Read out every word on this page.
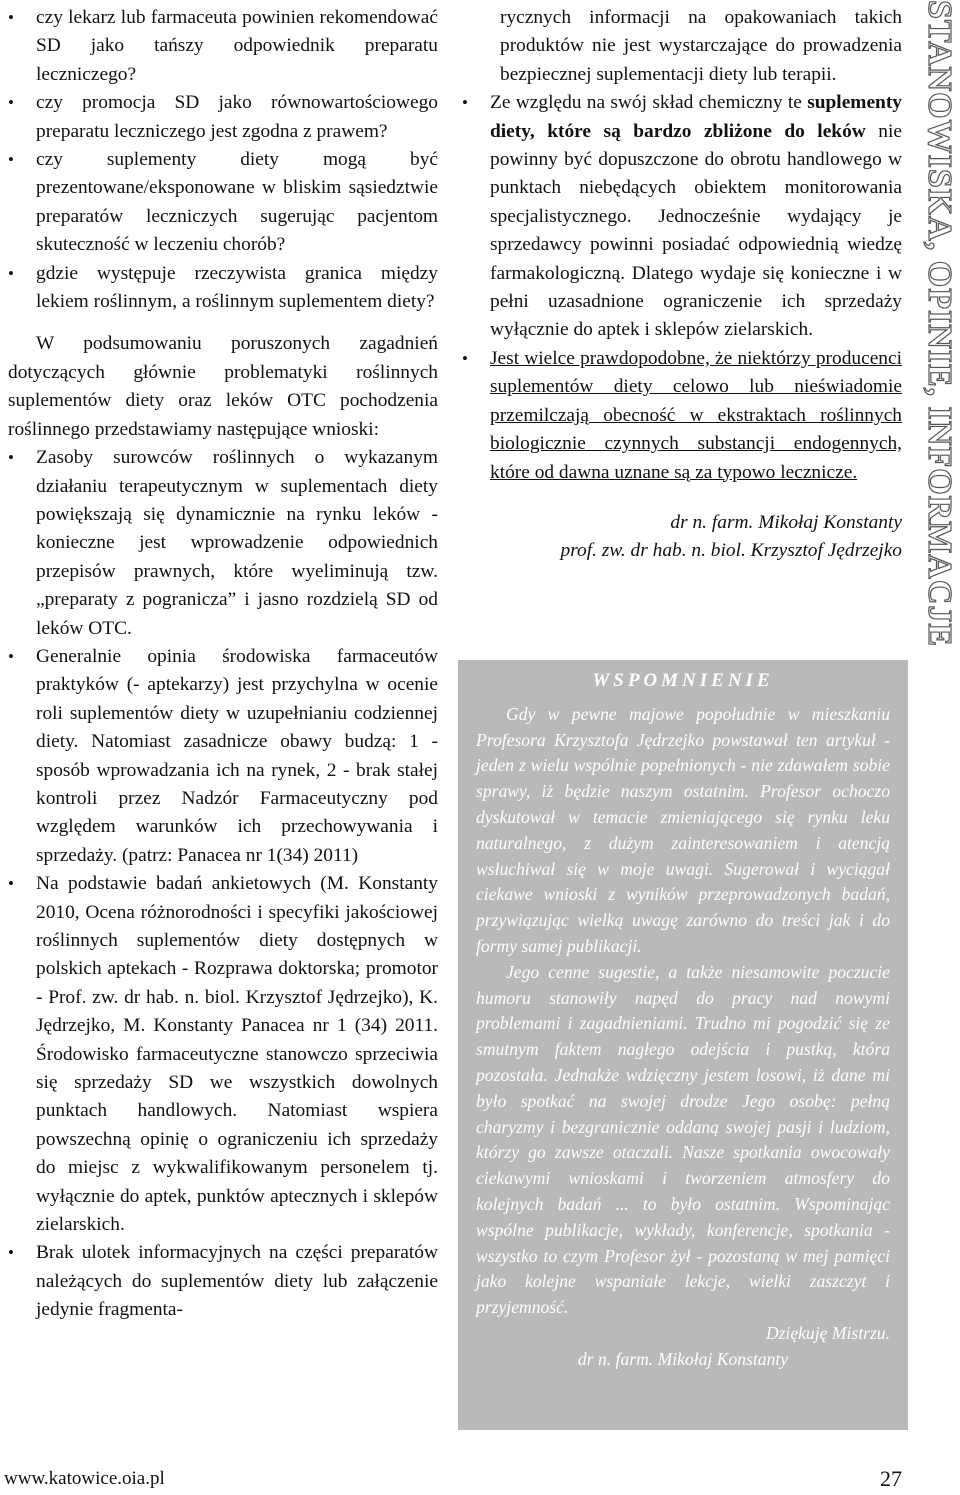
• czy lekarz lub farmaceuta powinien rekomendować SD jako tańszy odpowiednik preparatu leczniczego?
• czy promocja SD jako równowartościowego preparatu leczniczego jest zgodna z prawem?
• czy suplementy diety mogą być prezentowane/eksponowane w bliskim sąsiedztwie preparatów leczniczych sugerując pacjentom skuteczność w leczeniu chorób?
• gdzie występuje rzeczywista granica między lekiem roślinnym, a roślinnym suplementem diety?

W podsumowaniu poruszonych zagadnień dotyczących głównie problematyki roślinnych suplementów diety oraz leków OTC pochodzenia roślinnego przedstawiamy następujące wnioski:

• Zasoby surowców roślinnych o wykazanym działaniu terapeutycznym w suplementach diety powiększają się dynamicznie na rynku leków - konieczne jest wprowadzenie odpowiednich przepisów prawnych, które wyeliminują tzw. „preparaty z pogranicza” i jasno rozdzielą SD od leków OTC.
• Generalnie opinia środowiska farmaceutów praktyków (- aptekarzy) jest przychylna w ocenie roli suplementów diety w uzupełnianiu codziennej diety. Natomiast zasadnicze obawy budzą: 1 - sposób wprowadzania ich na rynek, 2 - brak stałej kontroli przez Nadzór Farmaceutyczny pod względem warunków ich przechowywania i sprzedaży. (patrz: Panacea nr 1(34) 2011)
• Na podstawie badań ankietowych (M. Konstanty 2010, Ocena różnorodności i specyfiki jakościowej roślinnych suplementów diety dostępnych w polskich aptekach - Rozprawa doktorska; promotor - Prof. zw. dr hab. n. biol. Krzysztof Jędrzejko), K. Jędrzejko, M. Konstanty Panacea nr 1 (34) 2011. Środowisko farmaceutyczne stanowczo sprzeciwia się sprzedaży SD we wszystkich dowolnych punktach handlowych. Natomiast wspiera powszechną opinię o ograniczeniu ich sprzedaży do miejsc z wykwalifikowanym personelem tj. wyłącznie do aptek, punktów aptecznych i sklepów zielarskich.
• Brak ulotek informacyjnych na części preparatów należących do suplementów diety lub załączenie jedynie fragmenta-
rycznych informacji na opakowaniach takich produktów nie jest wystarczające do prowadzenia bezpiecznej suplementacji diety lub terapii.
• Ze względu na swój skład chemiczny te suplementy diety, które są bardzo zbliżone do leków nie powinny być dopuszczone do obrotu handlowego w punktach niebędących obiektem monitorowania specjalistycznego. Jednocześnie wydający je sprzedawcy powinni posiadać odpowiednią wiedzę farmakologiczną. Dlatego wydaje się konieczne i w pełni uzasadnione ograniczenie ich sprzedaży wyłącznie do aptek i sklepów zielarskich.
• Jest wielce prawdopodobne, że niektórzy producenci suplementów diety celowo lub nieświadomie przemilczają obecność w ekstraktach roślinnych biologicznie czynnych substancji endogennych, które od dawna uznane są za typowo lecznicze.

dr n. farm. Mikołaj Konstanty

prof. zw. dr hab. n. biol. Krzysztof Jędrzejko

WSPOMNIENIE

Gdy w pewne majowe popołudnie w mieszkaniu Profesora Krzysztofa Jędrzejko powstawał ten artykuł - jeden z wielu wspólnie popełnionych - nie zdawałem sobie sprawy, iż będzie naszym ostatnim. Profesor ochoczo dyskutował w temacie zmieniającego się rynku leku naturalnego, z dużym zainteresowaniem i atencją wsłuchiwał się w moje uwagi. Sugerował i wyciągał ciekawe wnioski z wyników przeprowadzonych badań, przywiązując wielką uwagę zarówno do treści jak i do formy samej publikacji.

Jego cenne sugestie, a także niesamowite poczucie humoru stanowiły napęd do pracy nad nowymi problemami i zagadnieniami. Trudno mi pogodzić się ze smutnym faktem nagłego odejścia i pustką, która pozostała. Jednakże wdzięczny jestem losowi, iż dane mi było spotkać na swojej drodze Jego osobę: pełną charyzmy i bezgranicznie oddaną swojej pasji i ludziom, którzy go zawsze otaczali. Nasze spotkania owocowały ciekawymi wnioskami i tworzeniem atmosfery do kolejnych badań ... to było ostatnim. Wspominając wspólne publikacje, wykłady, konferencje, spotkania - wszystko to czym Profesor żył - pozostaną w mej pamięci jako kolejne wspaniałe lekcje, wielki zaszczyt i przyjemność.

Dziękuję Mistrzu.

dr n. farm. Mikołaj Konstanty

STANOWISKA, OPINIE, INFORMACJE
www.katowice.oia.pl	27
